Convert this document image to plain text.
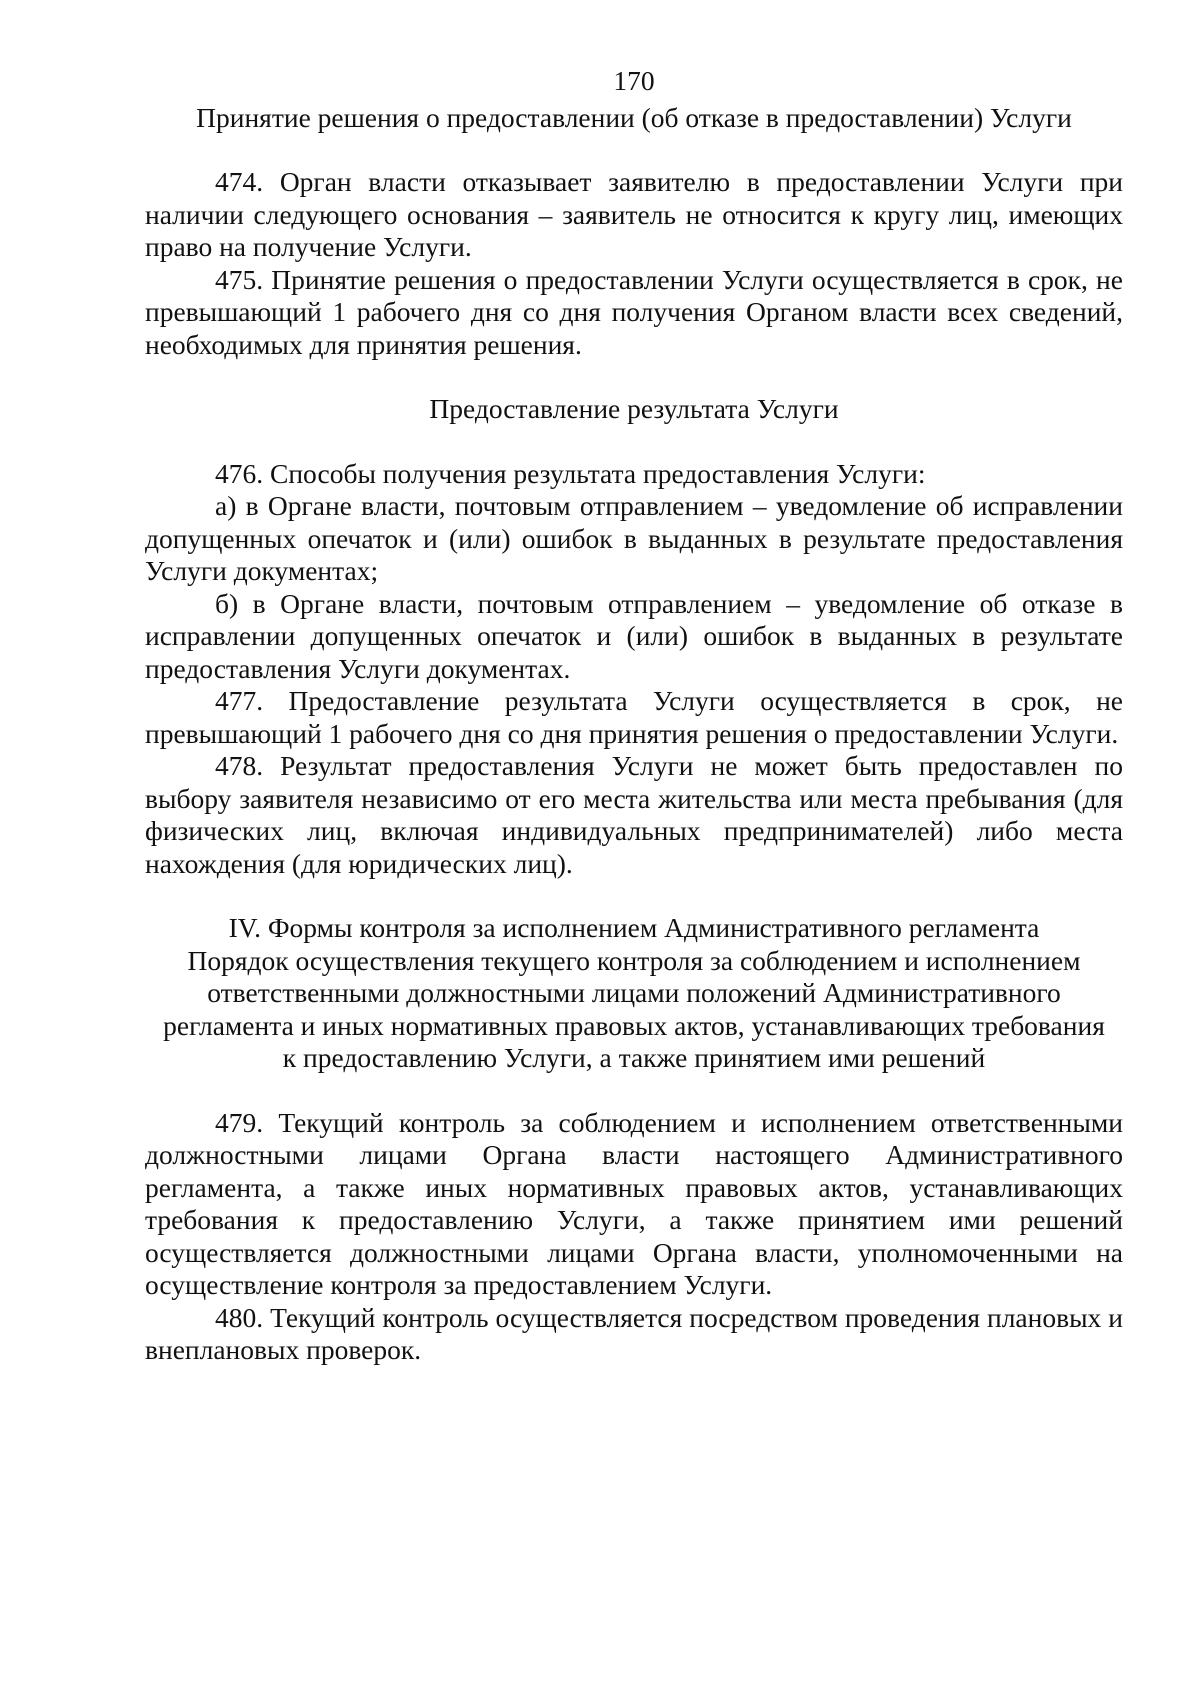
170
Принятие решения о предоставлении (об отказе в предоставлении) Услуги

474. Орган власти отказывает заявителю в предоставлении Услуги при наличии следующего основания – заявитель не относится к кругу лиц, имеющих право на получение Услуги.

475. Принятие решения о предоставлении Услуги осуществляется в срок, не превышающий 1 рабочего дня со дня получения Органом власти всех сведений, необходимых для принятия решения.

Предоставление результата Услуги

476. Способы получения результата предоставления Услуги:

а) в Органе власти, почтовым отправлением – уведомление об исправлении допущенных опечаток и (или) ошибок в выданных в результате предоставления Услуги документах;

б) в Органе власти, почтовым отправлением – уведомление об отказе в исправлении допущенных опечаток и (или) ошибок в выданных в результате предоставления Услуги документах.

477. Предоставление результата Услуги осуществляется в срок, не превышающий 1 рабочего дня со дня принятия решения о предоставлении Услуги.

478. Результат предоставления Услуги не может быть предоставлен по выбору заявителя независимо от его места жительства или места пребывания (для физических лиц, включая индивидуальных предпринимателей) либо места нахождения (для юридических лиц).

IV. Формы контроля за исполнением Административного регламента
Порядок осуществления текущего контроля за соблюдением и исполнением
ответственными должностными лицами положений Административного
регламента и иных нормативных правовых актов, устанавливающих требования
к предоставлению Услуги, а также принятием ими решений

479. Текущий контроль за соблюдением и исполнением ответственными должностными лицами Органа власти настоящего Административного регламента, а также иных нормативных правовых актов, устанавливающих требования к предоставлению Услуги, а также принятием ими решений осуществляется должностными лицами Органа власти, уполномоченными на осуществление контроля за предоставлением Услуги.

480. Текущий контроль осуществляется посредством проведения плановых и внеплановых проверок.
